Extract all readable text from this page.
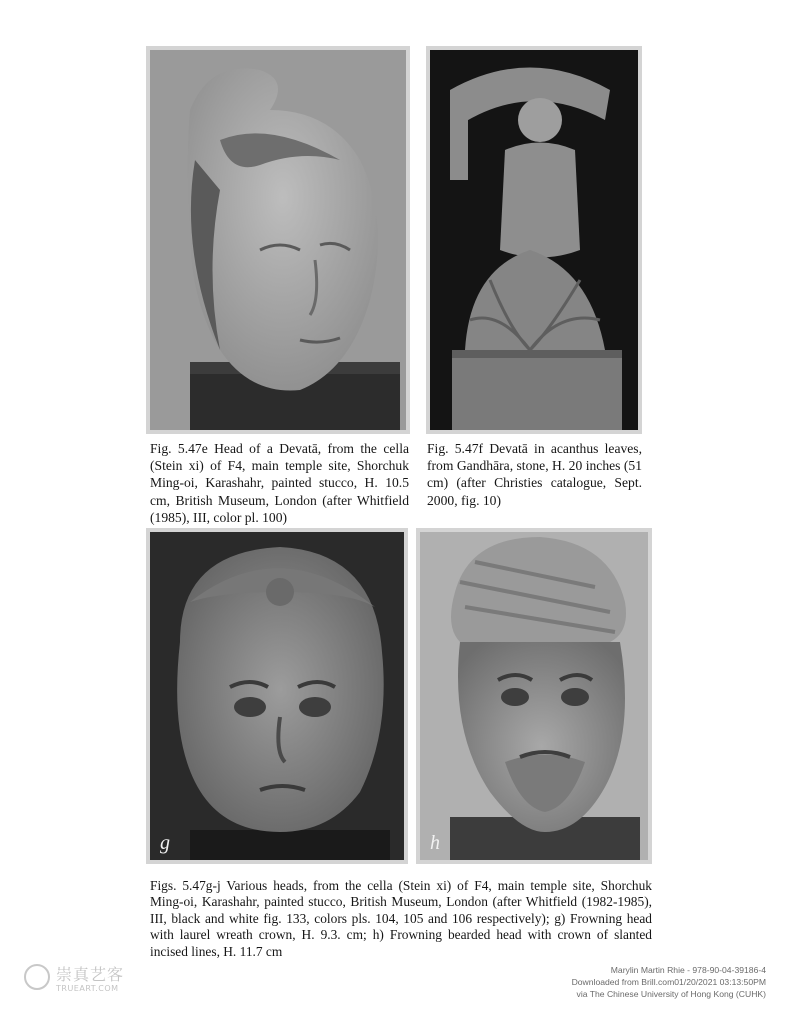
Fig. 5.47e Head of a Devatā, from the cella (Stein xi) of F4, main temple site, Shorchuk Ming-oi, Karashahr, painted stucco, H. 10.5 cm, British Museum, London (after Whitfield (1985), III, color pl. 100)
Fig. 5.47f Devatā in acanthus leaves, from Gandhāra, stone, H. 20 inches (51 cm) (after Christies catalogue, Sept. 2000, fig. 10)
g	h
Figs. 5.47g-j Various heads, from the cella (Stein xi) of F4, main temple site, Shorchuk Ming-oi, Karashahr, painted stucco, British Museum, London (after Whitfield (1982-1985), III, black and white fig. 133, colors pls. 104, 105 and 106 respectively); g) Frowning head with laurel wreath crown, H. 9.3. cm; h) Frowning bearded head with crown of slanted incised lines, H. 11.7 cm
崇真艺客
TRUEART.COM
Marylin Martin Rhie - 978-90-04-39186-4
Downloaded from Brill.com01/20/2021 03:13:50PM
via The Chinese University of Hong Kong (CUHK)
